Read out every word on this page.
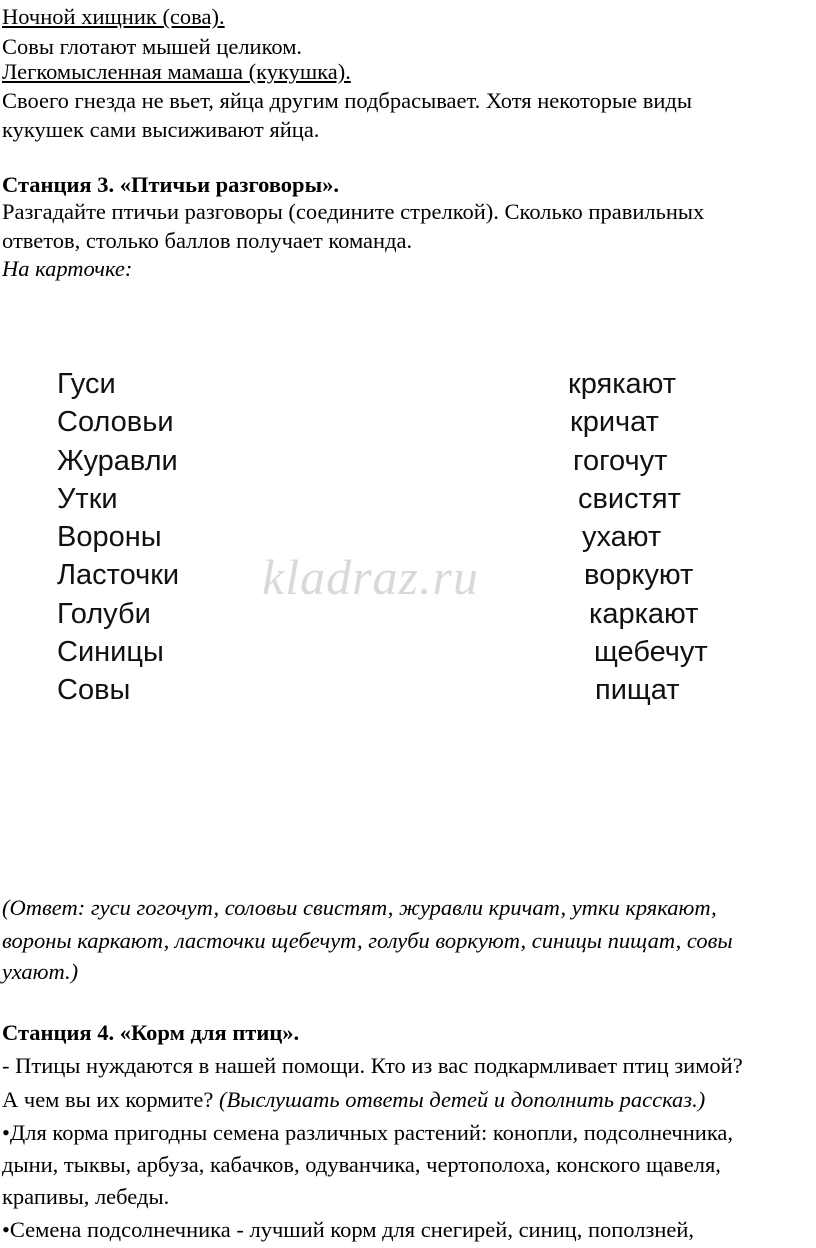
Ночной хищник (сова).
Совы глотают мышей целиком.
Легкомысленная мамаша (кукушка).
Своего гнезда не вьет, яйца другим подбрасывает. Хотя некоторые виды
кукушек сами высиживают яйца.
Станция 3. «Птичьи разговоры».
Разгадайте птичьи разговоры (соедините стрелкой). Сколько правильных
ответов, столько баллов получает команда.
На карточке:
Гуси
Соловьи
Журавли
Утки
Вороны
Ласточки
Голуби
Синицы
Совы
крякают
кричат
гогочут
свистят
ухают
воркуют
каркают
щебечут
пищат
kladraz.ru
(Ответ: гуси гогочут, соловьи свистят, журавли кричат, утки крякают,
вороны каркают, ласточки щебечут, голуби воркуют, синицы пищат, совы
ухают.)
Станция 4. «Корм для птиц».
- Птицы нуждаются в нашей помощи. Кто из вас подкармливает птиц зимой?
А чем вы их кормите? (Выслушать ответы детей и дополнить рассказ.)
•Для корма пригодны семена различных растений: конопли, подсолнечника,
дыни, тыквы, арбуза, кабачков, одуванчика, чертополоха, конского щавеля,
крапивы, лебеды.
•Семена подсолнечника - лучший корм для снегирей, синиц, поползней,
